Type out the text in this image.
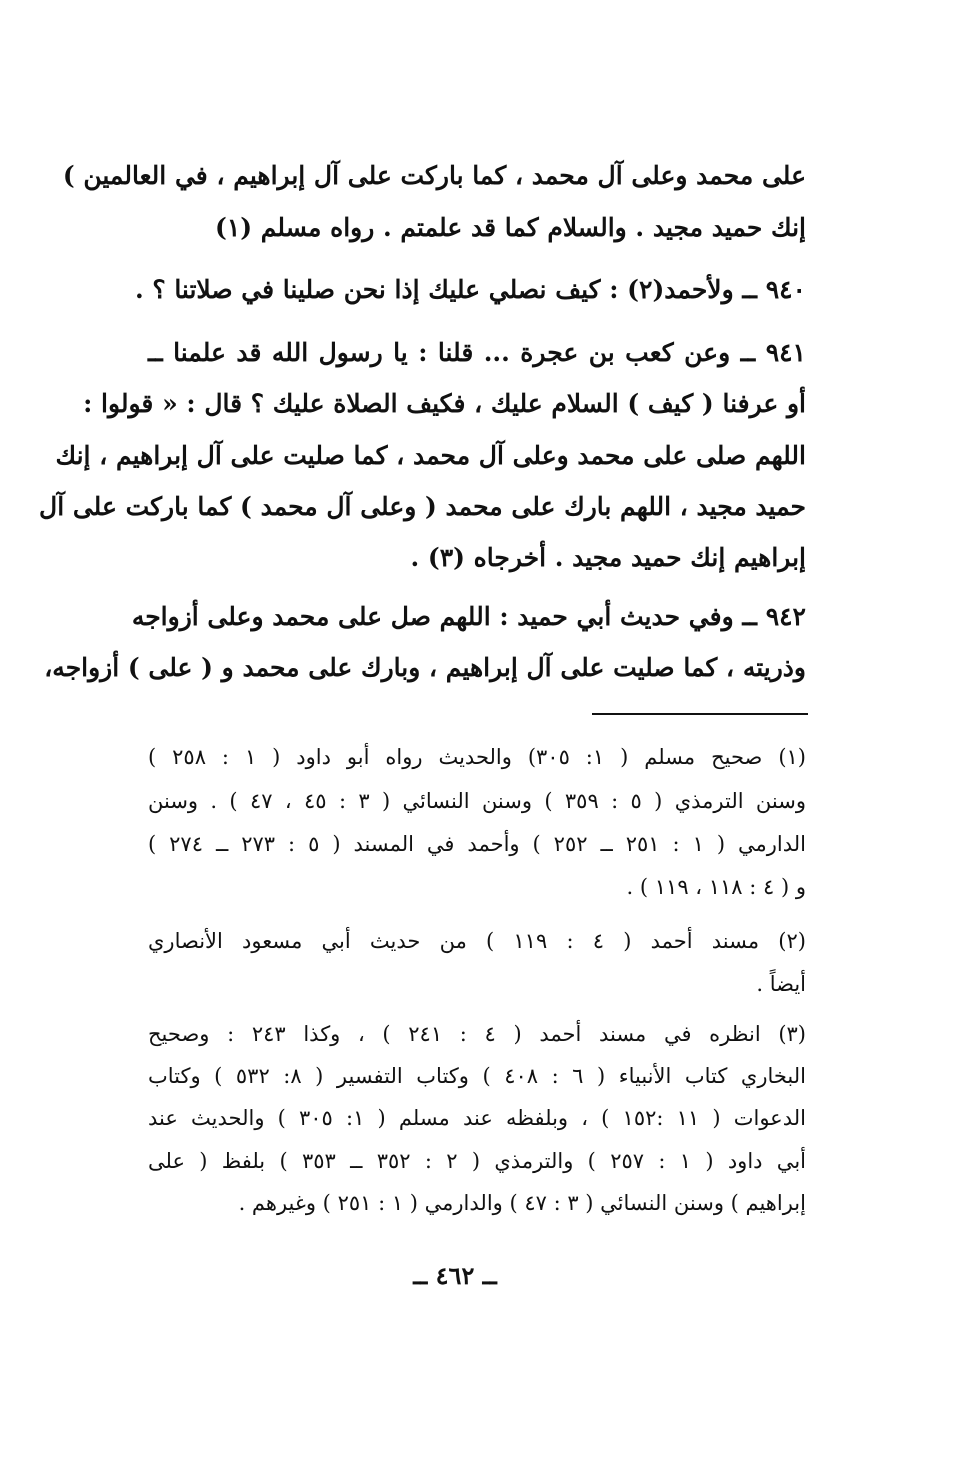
على محمد وعلى آل محمد ، كما باركت على آل إبراهيم ، في العالمين )
إنك حميد مجيد . والسلام كما قد علمتم . رواه مسلم (١)
٩٤٠ ــ ولأحمد(٢) : كيف نصلي عليك إذا نحن صلينا في صلاتنا ؟ .
٩٤١ ــ وعن كعب بن عجرة ... قلنا : يا رسول الله قد علمنا ــ
أو عرفنا ( كيف ) السلام عليك ، فكيف الصلاة عليك ؟ قال : « قولوا :
اللهم صلى على محمد وعلى آل محمد ، كما صليت على آل إبراهيم ، إنك
حميد مجيد ، اللهم بارك على محمد ( وعلى آل محمد ) كما باركت على آل
إبراهيم إنك حميد مجيد . أخرجاه (٣) .
٩٤٢ ــ وفي حديث أبي حميد : اللهم صل على محمد وعلى أزواجه
وذريته ، كما صليت على آل إبراهيم ، وبارك على محمد و ( على ) أزواجه،
(١) صحيح مسلم ( ١: ٣٠٥) والحديث رواه أبو داود ( ١ : ٢٥٨ )
وسنن الترمذي ( ٥ : ٣٥٩ ) وسنن النسائي ( ٣ : ٤٥ ، ٤٧ ) . وسنن
الدارمي ( ١ : ٢٥١ ــ ٢٥٢ ) وأحمد في المسند ( ٥ : ٢٧٣ ــ ٢٧٤ )
و ( ٤ : ١١٨ ، ١١٩ ) .
(٢) مسند أحمد ( ٤ : ١١٩ ) من حديث أبي مسعود الأنصاري
أيضاً .
(٣) انظره في مسند أحمد ( ٤ : ٢٤١ ) ، وكذا ٢٤٣ : وصحيح
البخاري كتاب الأنبياء ( ٦ : ٤٠٨ ) وكتاب التفسير ( ٨: ٥٣٢ ) وكتاب
الدعوات ( ١١ :١٥٢ ) ، وبلفظه عند مسلم ( ١: ٣٠٥ ) والحديث عند
أبي داود ( ١ : ٢٥٧ ) والترمذي ( ٢ : ٣٥٢ ــ ٣٥٣ ) بلفظ ( على
إبراهيم ) وسنن النسائي ( ٣ : ٤٧ ) والدارمي ( ١ : ٢٥١ ) وغيرهم .
ــ ٤٦٢ ــ
